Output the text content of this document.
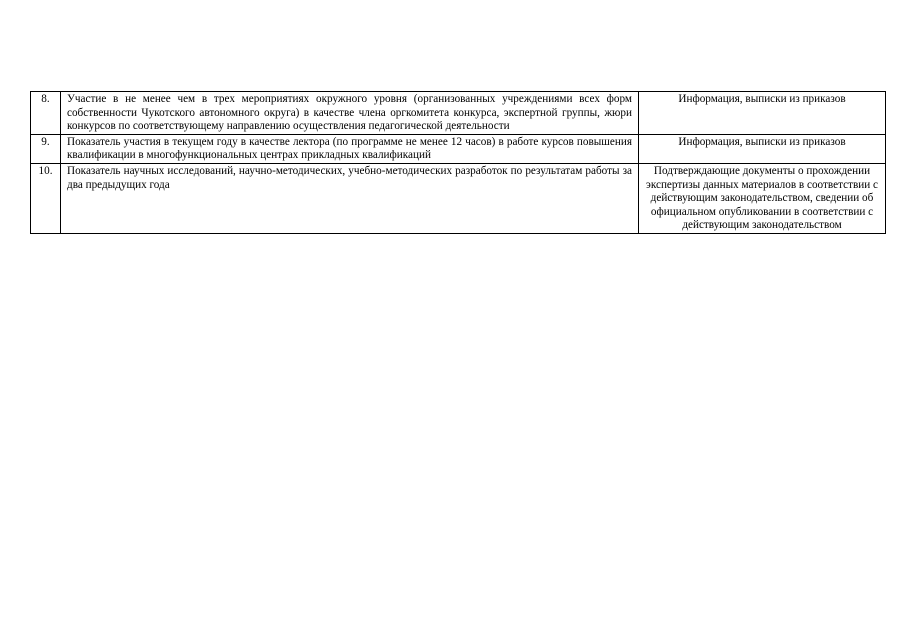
8.	Участие в не менее чем в трех мероприятиях окружного уровня (организованных учреждениями всех форм собственности Чукотского автономного округа) в качестве члена оргкомитета конкурса, экспертной группы, жюри конкурсов по соответствующему направлению осуществления педагогической деятельности	Информация, выписки из приказов
9.	Показатель участия в текущем году в качестве лектора (по программе не менее 12 часов) в работе курсов повышения квалификации в многофункциональных центрах прикладных квалификаций	Информация, выписки из приказов
10.	Показатель научных исследований, научно-методических, учебно-методических разработок по результатам работы за два предыдущих года	Подтверждающие документы о прохождении экспертизы данных материалов в соответствии с действующим законодательством, сведении об официальном опубликовании в соответствии с действующим законодательством
